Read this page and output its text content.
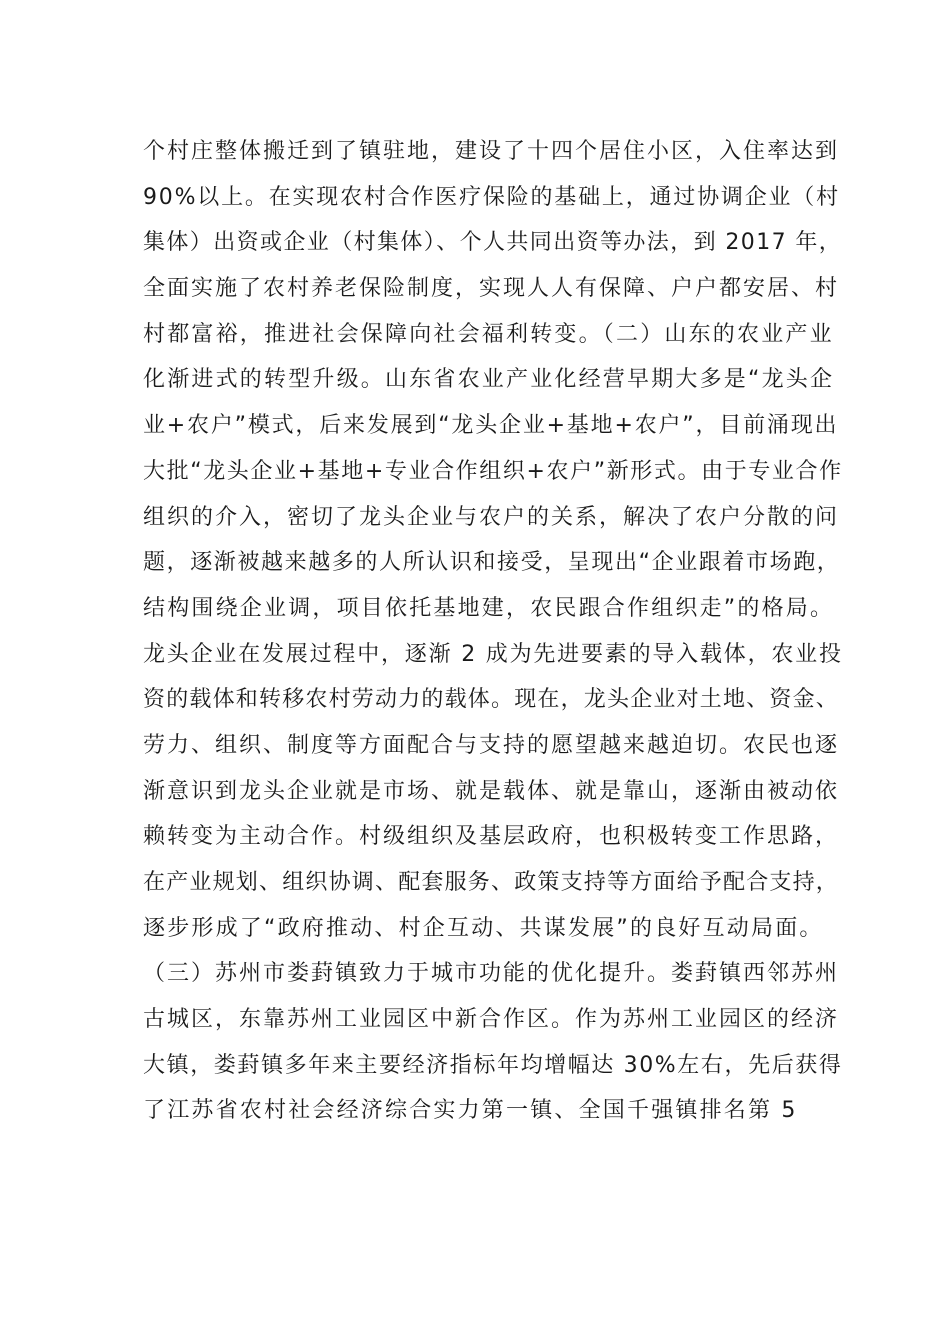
个村庄整体搬迁到了镇驻地，建设了十四个居住小区，入住率达到
90%以上。在实现农村合作医疗保险的基础上，通过协调企业（村
集体）出资或企业（村集体）、个人共同出资等办法，到 2017 年，
全面实施了农村养老保险制度，实现人人有保障、户户都安居、村
村都富裕，推进社会保障向社会福利转变。（二）山东的农业产业
化渐进式的转型升级。山东省农业产业化经营早期大多是“龙头企
业+农户”模式，后来发展到“龙头企业+基地+农户”，目前涌现出
大批“龙头企业+基地+专业合作组织+农户”新形式。由于专业合作
组织的介入，密切了龙头企业与农户的关系，解决了农户分散的问
题，逐渐被越来越多的人所认识和接受，呈现出“企业跟着市场跑，
结构围绕企业调，项目依托基地建，农民跟合作组织走”的格局。
龙头企业在发展过程中，逐渐 2 成为先进要素的导入载体，农业投
资的载体和转移农村劳动力的载体。现在，龙头企业对土地、资金、
劳力、组织、制度等方面配合与支持的愿望越来越迫切。农民也逐
渐意识到龙头企业就是市场、就是载体、就是靠山，逐渐由被动依
赖转变为主动合作。村级组织及基层政府，也积极转变工作思路，
在产业规划、组织协调、配套服务、政策支持等方面给予配合支持，
逐步形成了“政府推动、村企互动、共谋发展”的良好互动局面。
（三）苏州市娄葑镇致力于城市功能的优化提升。娄葑镇西邻苏州
古城区，东靠苏州工业园区中新合作区。作为苏州工业园区的经济
大镇，娄葑镇多年来主要经济指标年均增幅达 30%左右，先后获得
了江苏省农村社会经济综合实力第一镇、全国千强镇排名第 5
